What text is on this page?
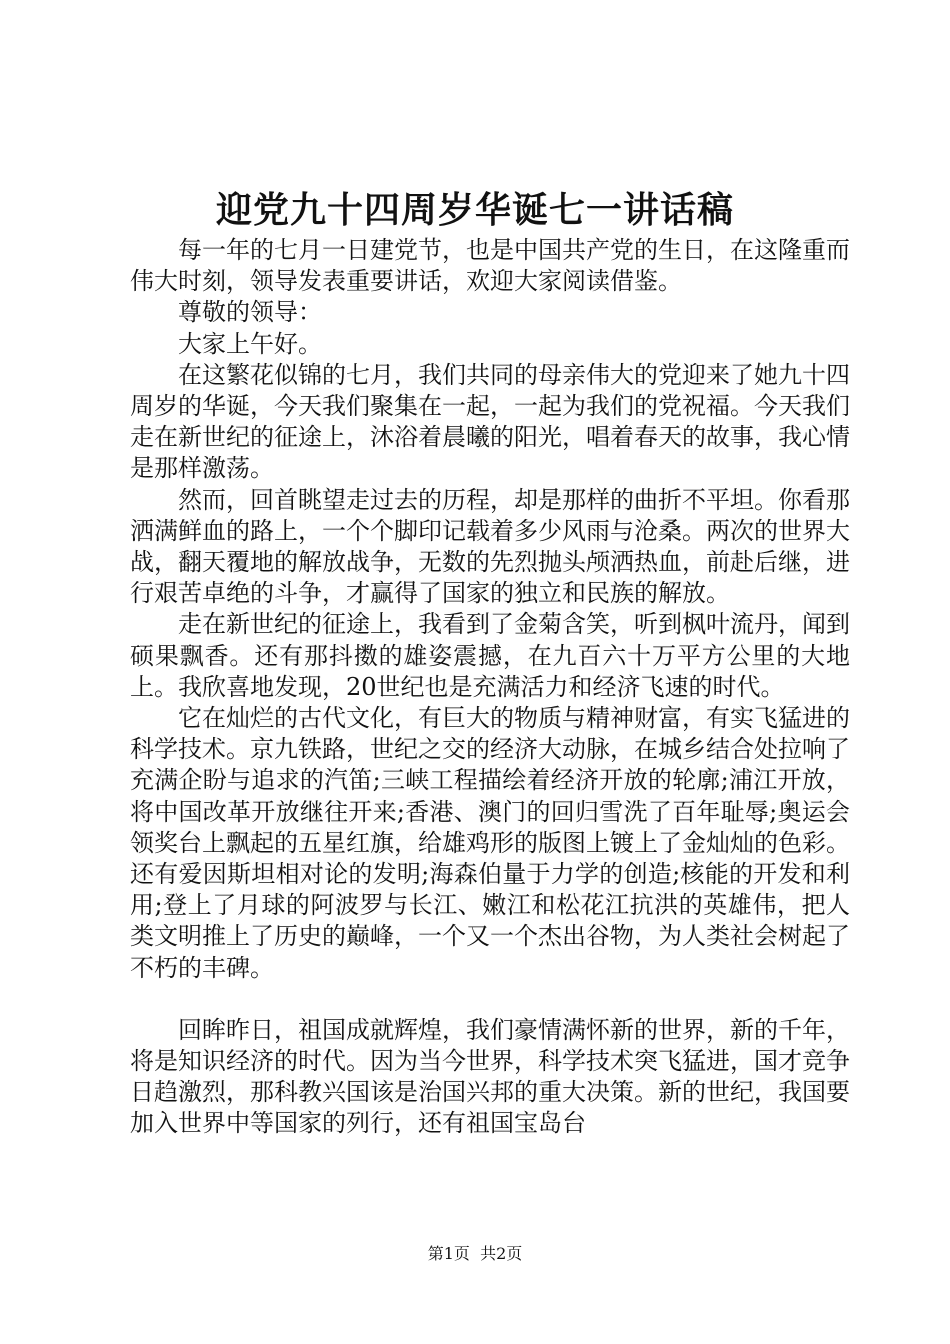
迎党九十四周岁华诞七一讲话稿

每一年的七月一日建党节，也是中国共产党的生日，在这隆重而伟大时刻，领导发表重要讲话，欢迎大家阅读借鉴。

尊敬的领导：

大家上午好。

在这繁花似锦的七月，我们共同的母亲伟大的党迎来了她九十四周岁的华诞，今天我们聚集在一起，一起为我们的党祝福。今天我们走在新世纪的征途上，沐浴着晨曦的阳光，唱着春天的故事，我心情是那样激荡。

然而，回首眺望走过去的历程，却是那样的曲折不平坦。你看那洒满鲜血的路上，一个个脚印记载着多少风雨与沧桑。两次的世界大战，翻天覆地的解放战争，无数的先烈抛头颅洒热血，前赴后继，进行艰苦卓绝的斗争，才赢得了国家的独立和民族的解放。

走在新世纪的征途上，我看到了金菊含笑，听到枫叶流丹，闻到硕果飘香。还有那抖擞的雄姿震撼，在九百六十万平方公里的大地上。我欣喜地发现，20世纪也是充满活力和经济飞速的时代。

它在灿烂的古代文化，有巨大的物质与精神财富，有实飞猛进的科学技术。京九铁路，世纪之交的经济大动脉，在城乡结合处拉响了充满企盼与追求的汽笛;三峡工程描绘着经济开放的轮廓;浦江开放，将中国改革开放继往开来;香港、澳门的回归雪洗了百年耻辱;奥运会领奖台上飘起的五星红旗，给雄鸡形的版图上镀上了金灿灿的色彩。还有爱因斯坦相对论的发明;海森伯量于力学的创造;核能的开发和利用;登上了月球的阿波罗与长江、嫩江和松花江抗洪的英雄伟，把人类文明推上了历史的巅峰，一个又一个杰出谷物，为人类社会树起了不朽的丰碑。

回眸昨日，祖国成就辉煌，我们豪情满怀新的世界，新的千年，将是知识经济的时代。因为当今世界，科学技术突飞猛进，国才竞争日趋激烈，那科教兴国该是治国兴邦的重大决策。新的世纪，我国要加入世界中等国家的列行，还有祖国宝岛台

第1页 共2页
